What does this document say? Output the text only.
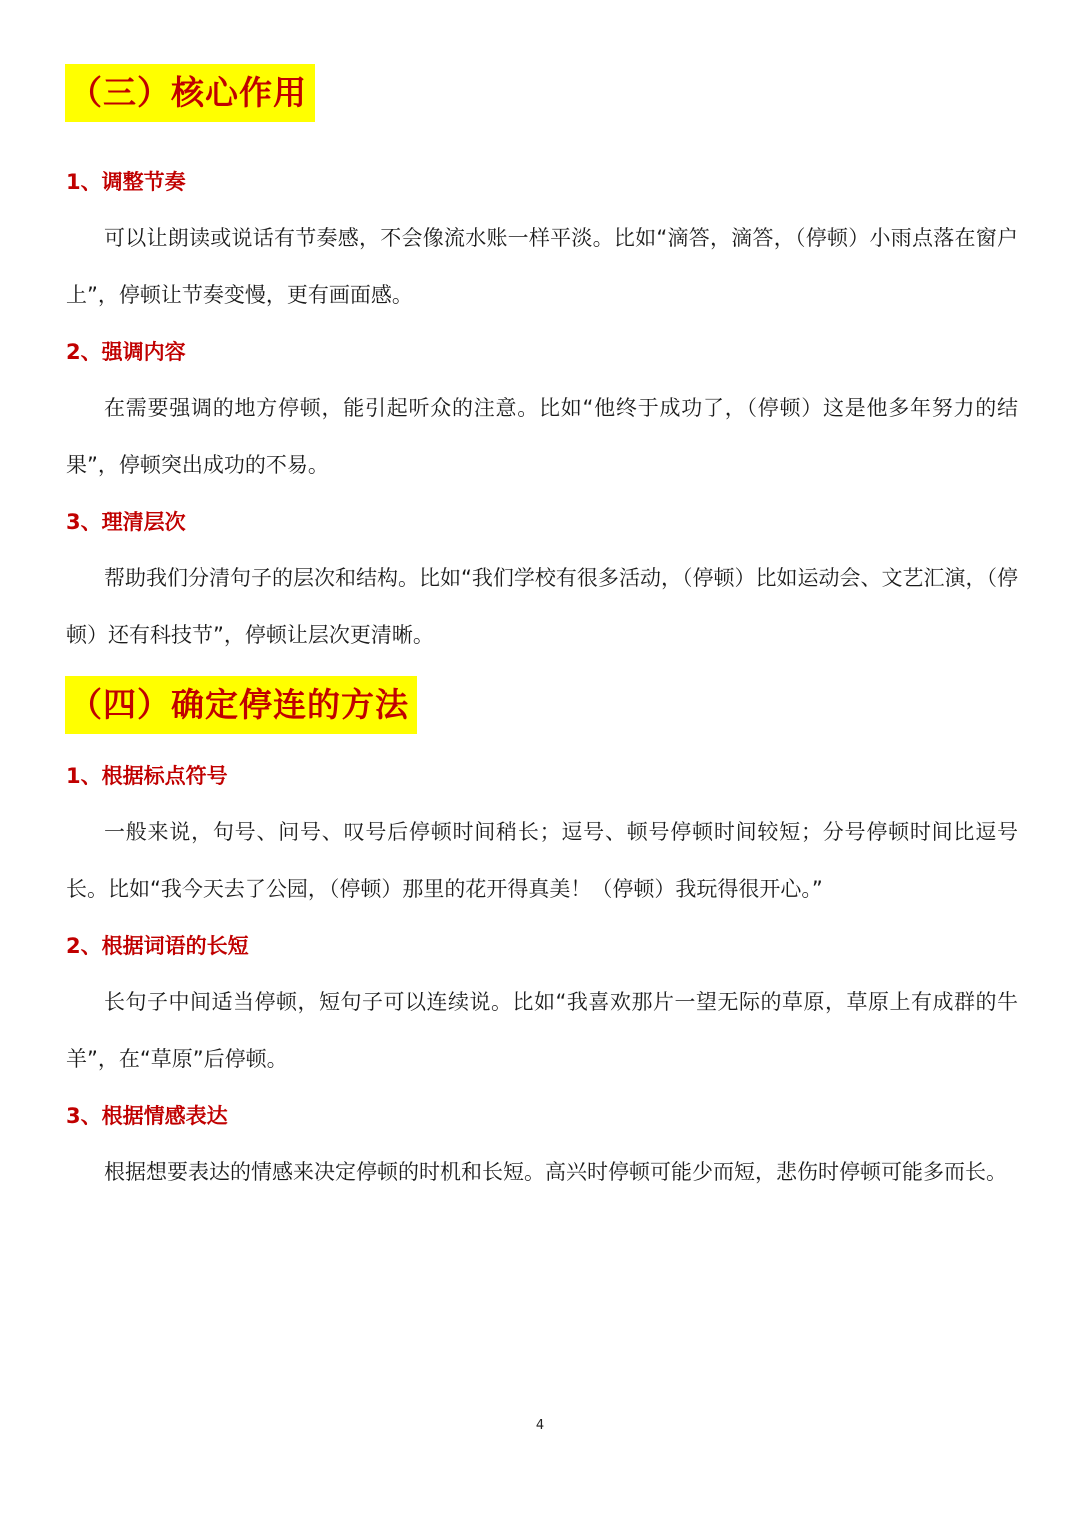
（三）核心作用
1、调整节奏

可以让朗读或说话有节奏感，不会像流水账一样平淡。比如“滴答，滴答，（停顿）小雨点落在窗户上”，停顿让节奏变慢，更有画面感。

2、强调内容

在需要强调的地方停顿，能引起听众的注意。比如“他终于成功了，（停顿）这是他多年努力的结果”，停顿突出成功的不易。

3、理清层次

帮助我们分清句子的层次和结构。比如“我们学校有很多活动，（停顿）比如运动会、文艺汇演，（停顿）还有科技节”，停顿让层次更清晰。

（四）确定停连的方法
1、根据标点符号

一般来说，句号、问号、叹号后停顿时间稍长；逗号、顿号停顿时间较短；分号停顿时间比逗号长。比如“我今天去了公园，（停顿）那里的花开得真美！（停顿）我玩得很开心。”

2、根据词语的长短

长句子中间适当停顿，短句子可以连续说。比如“我喜欢那片一望无际的草原，草原上有成群的牛羊”，在“草原”后停顿。

3、根据情感表达

根据想要表达的情感来决定停顿的时机和长短。高兴时停顿可能少而短，悲伤时停顿可能多而长。

4
